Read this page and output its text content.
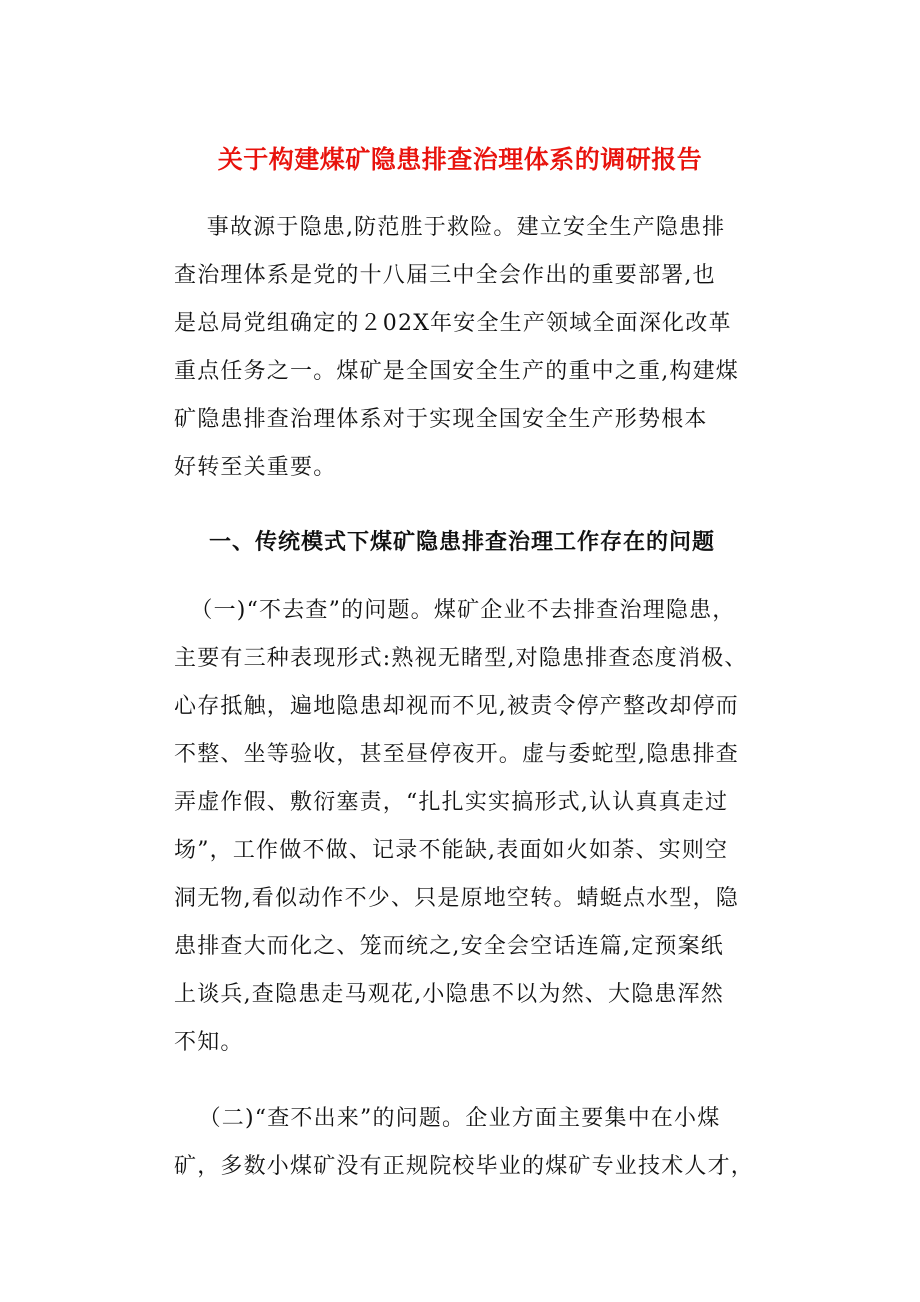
关于构建煤矿隐患排查治理体系的调研报告
事故源于隐患,防范胜于救险。建立安全生产隐患排
查治理体系是党的十八届三中全会作出的重要部署,也
是总局党组确定的２02X年安全生产领域全面深化改革
重点任务之一。煤矿是全国安全生产的重中之重,构建煤
矿隐患排查治理体系对于实现全国安全生产形势根本
好转至关重要。
一、传统模式下煤矿隐患排查治理工作存在的问题
（一)“不去查”的问题。煤矿企业不去排查治理隐患，
主要有三种表现形式:熟视无睹型,对隐患排查态度消极、
心存抵触，遍地隐患却视而不见,被责令停产整改却停而
不整、坐等验收，甚至昼停夜开。虚与委蛇型,隐患排查
弄虚作假、敷衍塞责，“扎扎实实搞形式,认认真真走过
场”，工作做不做、记录不能缺,表面如火如荼、实则空
洞无物,看似动作不少、只是原地空转。蜻蜓点水型，隐
患排查大而化之、笼而统之,安全会空话连篇,定预案纸
上谈兵,查隐患走马观花,小隐患不以为然、大隐患浑然
不知。
（二)“查不出来”的问题。企业方面主要集中在小煤
矿，多数小煤矿没有正规院校毕业的煤矿专业技术人才，
